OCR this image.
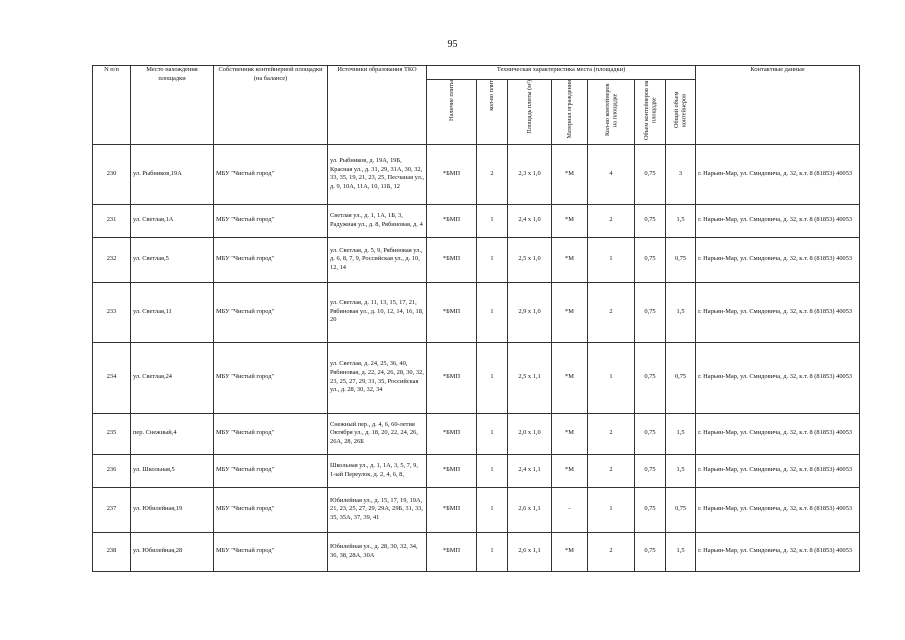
95
N п/п	Место нахождения площадки	Собственник контейнерной площадки (на балансе)	Источники образования ТКО	Техническая характеристика места (площадки)							Контактные данные
				Наличие плиты	кол-во плит	Площадь плиты (м²)	Материал ограждения	Кол-во контейнеров на площадке	Объем контейнеров на площадке	Общий объем контейнеров	
230	ул. Рыбников,19А	МБУ "Чистый город"	ул. Рыбников, д. 19А, 19Б, Красная ул., д. 31, 29, 31А, 30, 32, 33, 35, 19, 21, 23, 25, Песчаная ул., д. 9, 10А, 11А, 10, 11Б, 12	*БМП	2	2,3 х 1,0	*М	4	0,75	3	г. Нарьян-Мар, ул. Смидовича, д. 32, к.т. 8 (81853) 40053
231	ул. Светлая,1А	МБУ "Чистый город"	Светлая ул., д. 1, 1А, 1Б, 3, Радужная ул., д. 8, Рябиновая, д. 4	*БМП	1	2,4 х 1,0	*М	2	0,75	1,5	г. Нарьян-Мар, ул. Смидовича, д. 32, к.т. 8 (81853) 40053
232	ул. Светлая,5	МБУ "Чистый город"	ул. Светлая, д. 5, 9, Рябиновая ул., д. 6, 8, 7, 9, Российская ул., д. 10, 12, 14	*БМП	1	2,5 х 1,0	*М	1	0,75	0,75	г. Нарьян-Мар, ул. Смидовича, д. 32, к.т. 8 (81853) 40053
233	ул. Светлая,11	МБУ "Чистый город"	ул. Светлая, д. 11, 13, 15, 17, 21, Рябиновая ул., д. 10, 12, 14, 16, 18, 20	*БМП	1	2,9 х 1,0	*М	2	0,75	1,5	г. Нарьян-Мар, ул. Смидовича, д. 32, к.т. 8 (81853) 40053
234	ул. Светлая,24	МБУ "Чистый город"	ул. Светлая, д. 24, 25, 36, 40, Рябиновая, д. 22, 24, 26, 28, 30, 32, 23, 25, 27, 29, 31, 35, Российская ул., д. 28, 30, 32, 34	*БМП	1	2,5 х 1,1	*М	1	0,75	0,75	г. Нарьян-Мар, ул. Смидовича, д. 32, к.т. 8 (81853) 40053
235	пер. Снежный,4	МБУ "Чистый город"	Снежный пер., д. 4, 6, 60-летия Октября ул., д. 18, 20, 22, 24, 26, 26А, 28, 26Б	*БМП	1	2,0 х 1,0	*М	2	0,75	1,5	г. Нарьян-Мар, ул. Смидовича, д. 32, к.т. 8 (81853) 40053
236	ул. Школьная,5	МБУ "Чистый город"	Школьная ул., д. 1, 1А, 3, 5, 7, 9, 1-ый Переулок, д. 2, 4, 6, 8,	*БМП	1	2,4 х 1,1	*М	2	0,75	1,5	г. Нарьян-Мар, ул. Смидовича, д. 32, к.т. 8 (81853) 40053
237	ул. Юбилейная,19	МБУ "Чистый город"	Юбилейная ул., д. 15, 17, 19, 19А, 21, 23, 25, 27, 29, 29А, 29Б, 31, 33, 35, 35А, 37, 39, 41	*БМП	1	2,6 х 1,1	-	1	0,75	0,75	г. Нарьян-Мар, ул. Смидовича, д. 32, к.т. 8 (81853) 40053
238	ул. Юбилейная,28	МБУ "Чистый город"	Юбилейная ул., д. 28, 30, 32, 34, 36, 38, 28А, 30А	*БМП	1	2,6 х 1,1	*М	2	0,75	1,5	г. Нарьян-Мар, ул. Смидовича, д. 32, к.т. 8 (81853) 40053
